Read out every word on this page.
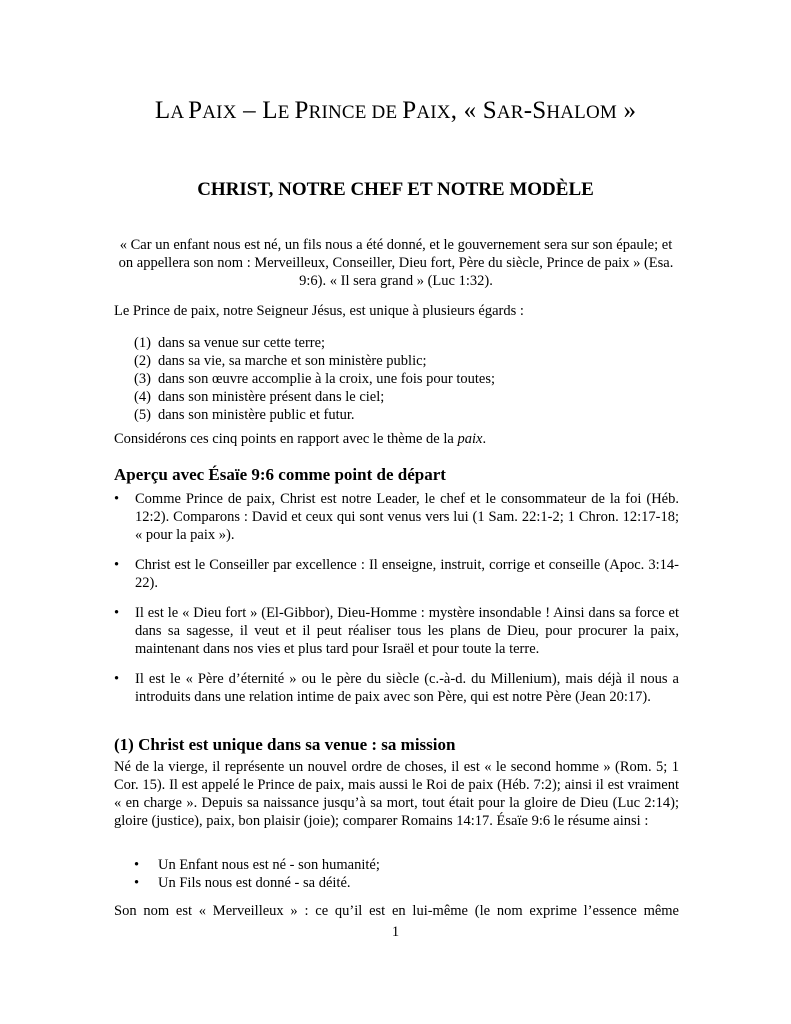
LA PAIX – LE PRINCE DE PAIX, « SAR-SHALOM »
CHRIST, NOTRE CHEF ET NOTRE MODÈLE
« Car un enfant nous est né, un fils nous a été donné, et le gouvernement sera sur son épaule; et on appellera son nom : Merveilleux, Conseiller, Dieu fort, Père du siècle, Prince de paix » (Esa. 9:6). « Il sera grand » (Luc 1:32).
Le Prince de paix, notre Seigneur Jésus, est unique à plusieurs égards :
(1) dans sa venue sur cette terre;
(2) dans sa vie, sa marche et son ministère public;
(3) dans son œuvre accomplie à la croix, une fois pour toutes;
(4) dans son ministère présent dans le ciel;
(5) dans son ministère public et futur.
Considérons ces cinq points en rapport avec le thème de la paix.
Aperçu avec Ésaïe 9:6 comme point de départ
• Comme Prince de paix, Christ est notre Leader, le chef et le consommateur de la foi (Héb. 12:2). Comparons : David et ceux qui sont venus vers lui (1 Sam. 22:1-2; 1 Chron. 12:17-18; « pour la paix »).
• Christ est le Conseiller par excellence : Il enseigne, instruit, corrige et conseille (Apoc. 3:14-22).
• Il est le « Dieu fort » (El-Gibbor), Dieu-Homme : mystère insondable ! Ainsi dans sa force et dans sa sagesse, il veut et il peut réaliser tous les plans de Dieu, pour procurer la paix, maintenant dans nos vies et plus tard pour Israël et pour toute la terre.
• Il est le « Père d’éternité » ou le père du siècle (c.-à-d. du Millenium), mais déjà il nous a introduits dans une relation intime de paix avec son Père, qui est notre Père (Jean 20:17).
(1) Christ est unique dans sa venue : sa mission
Né de la vierge, il représente un nouvel ordre de choses, il est « le second homme » (Rom. 5; 1 Cor. 15). Il est appelé le Prince de paix, mais aussi le Roi de paix (Héb. 7:2); ainsi il est vraiment « en charge ». Depuis sa naissance jusqu’à sa mort, tout était pour la gloire de Dieu (Luc 2:14); gloire (justice), paix, bon plaisir (joie); comparer Romains 14:17. Ésaïe 9:6 le résume ainsi :
• Un Enfant nous est né - son humanité;
• Un Fils nous est donné - sa déité.
Son nom est « Merveilleux » : ce qu’il est en lui-même (le nom exprime l’essence même
1
